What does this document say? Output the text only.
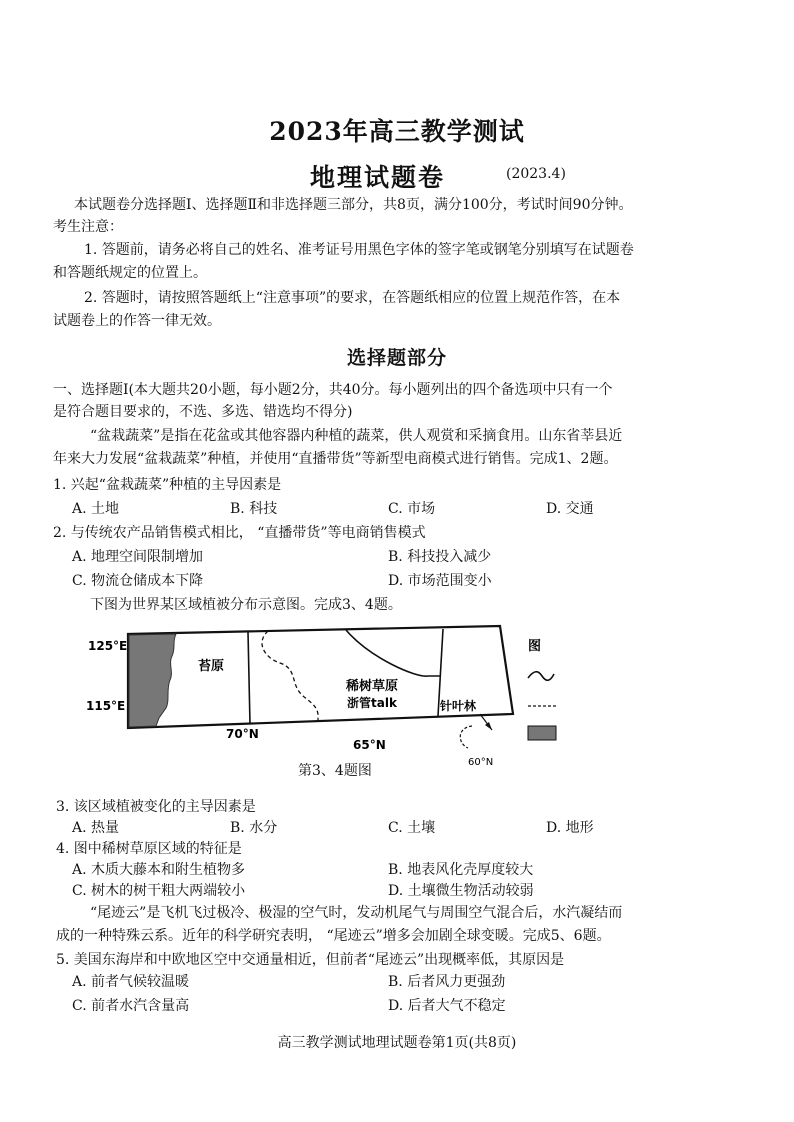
2023年高三教学测试
地理试题卷	(2023.4)
本试题卷分选择题Ⅰ、选择题Ⅱ和非选择题三部分，共8页，满分100分，考试时间90分钟。
考生注意：
1. 答题前，请务必将自己的姓名、准考证号用黑色字体的签字笔或钢笔分别填写在试题卷
和答题纸规定的位置上。
2. 答题时，请按照答题纸上“注意事项”的要求，在答题纸相应的位置上规范作答，在本
试题卷上的作答一律无效。
选择题部分
一、选择题Ⅰ(本大题共20小题，每小题2分，共40分。每小题列出的四个备选项中只有一个
是符合题目要求的，不选、多选、错选均不得分)
“盆栽蔬菜”是指在花盆或其他容器内种植的蔬菜，供人观赏和采摘食用。山东省莘县近
年来大力发展“盆栽蔬菜”种植，并使用“直播带货”等新型电商模式进行销售。完成1、2题。
1. 兴起“盆栽蔬菜”种植的主导因素是
A. 土地	B. 科技	C. 市场	D. 交通
2. 与传统农产品销售模式相比， “直播带货”等电商销售模式
A. 地理空间限制增加	B. 科技投入减少
C. 物流仓储成本下降	D. 市场范围变小
下图为世界某区域植被分布示意图。完成3、4题。
125°E
115°E
苔原
稀树草原
浙管talk	针叶林
70°N
65°N
60°N
图
第3、4题图
3. 该区域植被变化的主导因素是
A. 热量	B. 水分	C. 土壤	D. 地形
4. 图中稀树草原区域的特征是
A. 木质大藤本和附生植物多	B. 地表风化壳厚度较大
C. 树木的树干粗大两端较小	D. 土壤微生物活动较弱
“尾迹云”是飞机飞过极冷、极湿的空气时，发动机尾气与周围空气混合后，水汽凝结而
成的一种特殊云系。近年的科学研究表明， “尾迹云”增多会加剧全球变暖。完成5、6题。
5. 美国东海岸和中欧地区空中交通量相近，但前者“尾迹云”出现概率低，其原因是
A. 前者气候较温暖	B. 后者风力更强劲
C. 前者水汽含量高	D. 后者大气不稳定
高三教学测试地理试题卷第1页(共8页)
